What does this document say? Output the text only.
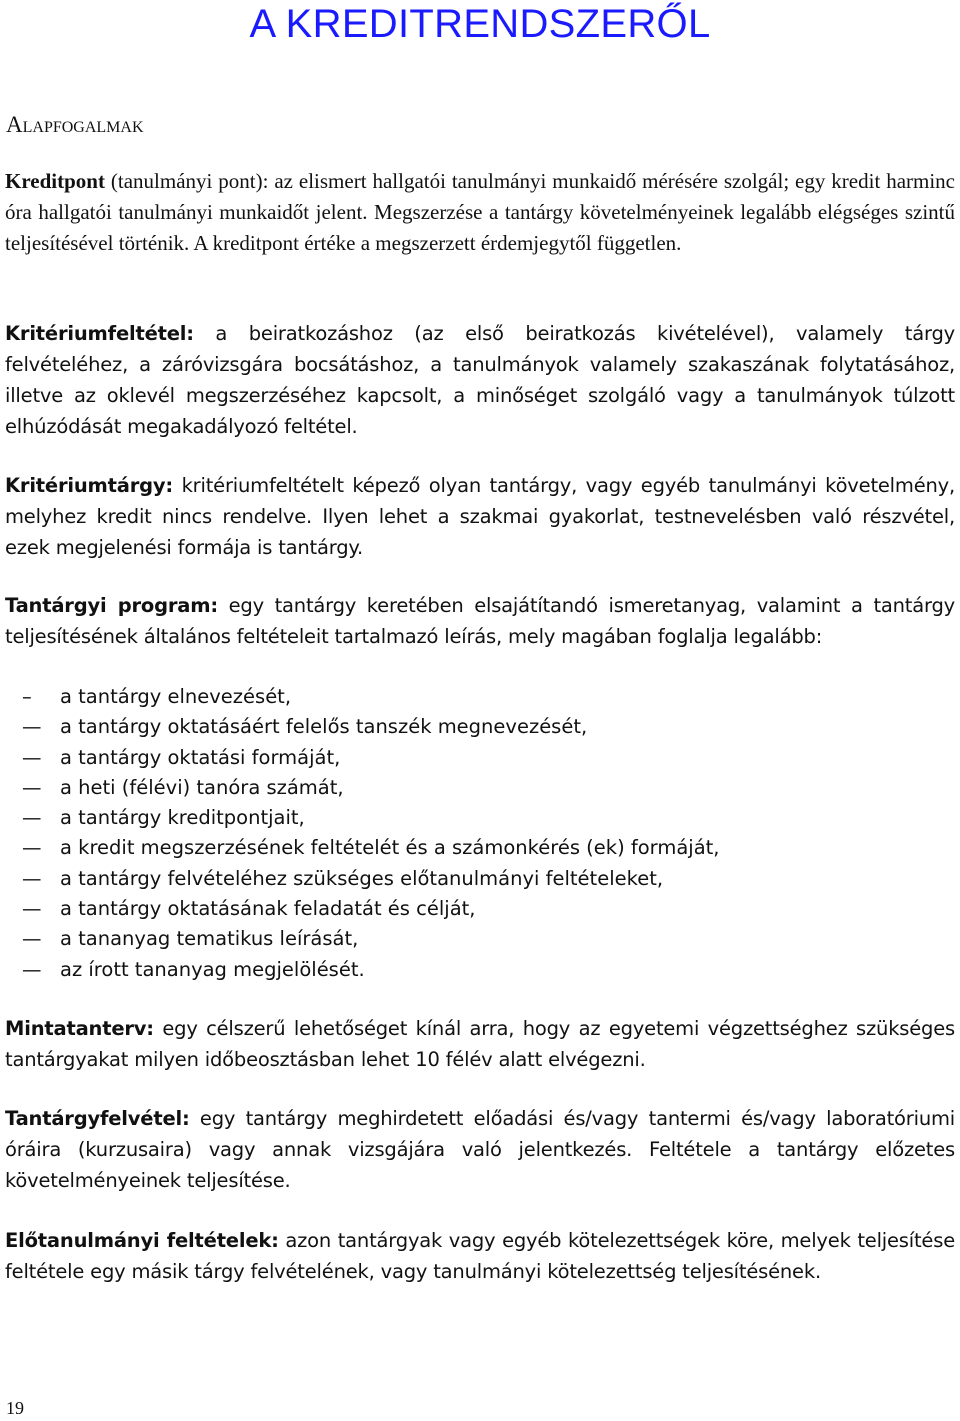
A KREDITRENDSZERŐL
Alapfogalmak

Kreditpont (tanulmányi pont): az elismert hallgatói tanulmányi munkaidő mérésére szolgál; egy kredit harminc óra hallgatói tanulmányi munkaidőt jelent. Megszerzése a tantárgy követelményeinek legalább elégséges szintű teljesítésével történik. A kreditpont értéke a megszerzett érdemjegytől független.

Kritériumfeltétel: a beiratkozáshoz (az első beiratkozás kivételével), valamely tárgy felvételéhez, a záróvizsgára bocsátáshoz, a tanulmányok valamely szakaszának folytatásához, illetve az oklevél megszerzéséhez kapcsolt, a minőséget szolgáló vagy a tanulmányok túlzott elhúzódását megakadályozó feltétel.

Kritériumtárgy: kritériumfeltételt képező olyan tantárgy, vagy egyéb tanulmányi követelmény, melyhez kredit nincs rendelve. Ilyen lehet a szakmai gyakorlat, testnevelésben való részvétel, ezek megjelenési formája is tantárgy.

Tantárgyi program: egy tantárgy keretében elsajátítandó ismeretanyag, valamint a tantárgy teljesítésének általános feltételeit tartalmazó leírás, mely magában foglalja legalább:

– a tantárgy elnevezését,
— a tantárgy oktatásáért felelős tanszék megnevezését,
— a tantárgy oktatási formáját,
— a heti (félévi) tanóra számát,
— a tantárgy kreditpontjait,
— a kredit megszerzésének feltételét és a számonkérés (ek) formáját,
— a tantárgy felvételéhez szükséges előtanulmányi feltételeket,
— a tantárgy oktatásának feladatát és célját,
— a tananyag tematikus leírását,
— az írott tananyag megjelölését.

Mintatanterv: egy célszerű lehetőséget kínál arra, hogy az egyetemi végzettséghez szükséges tantárgyakat milyen időbeosztásban lehet 10 félév alatt elvégezni.

Tantárgyfelvétel: egy tantárgy meghirdetett előadási és/vagy tantermi és/vagy laboratóriumi óráira (kurzusaira) vagy annak vizsgájára való jelentkezés. Feltétele a tantárgy előzetes követelményeinek teljesítése.

Előtanulmányi feltételek: azon tantárgyak vagy egyéb kötelezettségek köre, melyek teljesítése feltétele egy másik tárgy felvételének, vagy tanulmányi kötelezettség teljesítésének.

19
